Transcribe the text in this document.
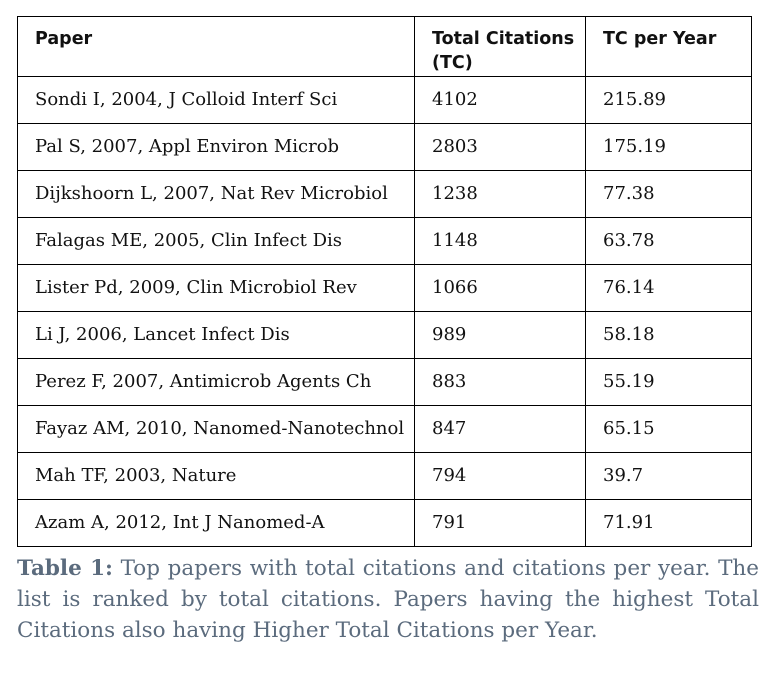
Paper	Total Citations (TC)	TC per Year
Sondi I, 2004, J Colloid Interf Sci	4102	215.89
Pal S, 2007, Appl Environ Microb	2803	175.19
Dijkshoorn L, 2007, Nat Rev Microbiol	1238	77.38
Falagas ME, 2005, Clin Infect Dis	1148	63.78
Lister Pd, 2009, Clin Microbiol Rev	1066	76.14
Li J, 2006, Lancet Infect Dis	989	58.18
Perez F, 2007, Antimicrob Agents Ch	883	55.19
Fayaz AM, 2010, Nanomed-Nanotechnol	847	65.15
Mah TF, 2003, Nature	794	39.7
Azam A, 2012, Int J Nanomed-A	791	71.91
Table 1: Top papers with total citations and citations per year. The list is ranked by total citations. Papers having the highest Total Citations also having Higher Total Citations per Year.
